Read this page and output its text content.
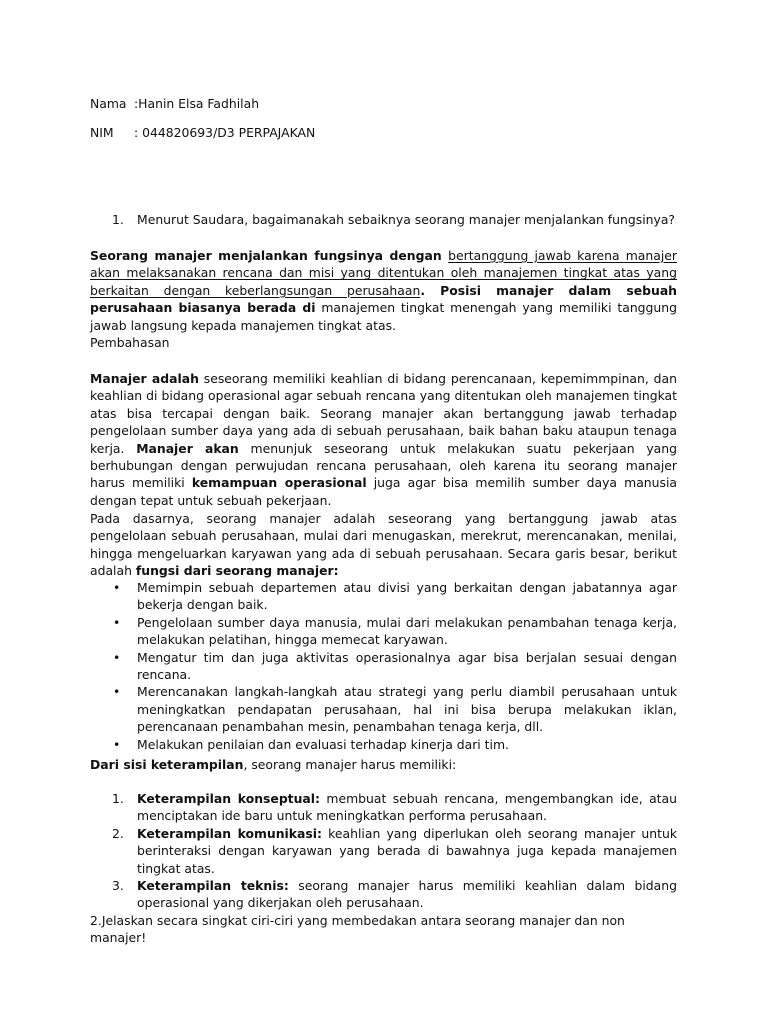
Nama :Hanin Elsa Fadhilah
NIM : 044820693/D3 PERPAJAKAN
1.	Menurut Saudara, bagaimanakah sebaiknya seorang manajer menjalankan fungsinya?

Seorang manajer menjalankan fungsinya dengan bertanggung jawab karena manajer akan melaksanakan rencana dan misi yang ditentukan oleh manajemen tingkat atas yang berkaitan dengan keberlangsungan perusahaan. Posisi manajer dalam sebuah perusahaan biasanya berada di manajemen tingkat menengah yang memiliki tanggung jawab langsung kepada manajemen tingkat atas.

Pembahasan

Manajer adalah seseorang memiliki keahlian di bidang perencanaan, kepemimmpinan, dan keahlian di bidang operasional agar sebuah rencana yang ditentukan oleh manajemen tingkat atas bisa tercapai dengan baik. Seorang manajer akan bertanggung jawab terhadap pengelolaan sumber daya yang ada di sebuah perusahaan, baik bahan baku ataupun tenaga kerja. Manajer akan menunjuk seseorang untuk melakukan suatu pekerjaan yang berhubungan dengan perwujudan rencana perusahaan, oleh karena itu seorang manajer harus memiliki kemampuan operasional juga agar bisa memilih sumber daya manusia dengan tepat untuk sebuah pekerjaan.

Pada dasarnya, seorang manajer adalah seseorang yang bertanggung jawab atas pengelolaan sebuah perusahaan, mulai dari menugaskan, merekrut, merencanakan, menilai, hingga mengeluarkan karyawan yang ada di sebuah perusahaan. Secara garis besar, berikut adalah fungsi dari seorang manajer:

• Memimpin sebuah departemen atau divisi yang berkaitan dengan jabatannya agar bekerja dengan baik.
• Pengelolaan sumber daya manusia, mulai dari melakukan penambahan tenaga kerja, melakukan pelatihan, hingga memecat karyawan.
• Mengatur tim dan juga aktivitas operasionalnya agar bisa berjalan sesuai dengan rencana.
• Merencanakan langkah-langkah atau strategi yang perlu diambil perusahaan untuk meningkatkan pendapatan perusahaan, hal ini bisa berupa melakukan iklan, perencanaan penambahan mesin, penambahan tenaga kerja, dll.
• Melakukan penilaian dan evaluasi terhadap kinerja dari tim.

Dari sisi keterampilan, seorang manajer harus memiliki:

1. Keterampilan konseptual: membuat sebuah rencana, mengembangkan ide, atau menciptakan ide baru untuk meningkatkan performa perusahaan.
2. Keterampilan komunikasi: keahlian yang diperlukan oleh seorang manajer untuk berinteraksi dengan karyawan yang berada di bawahnya juga kepada manajemen tingkat atas.
3. Keterampilan teknis: seorang manajer harus memiliki keahlian dalam bidang operasional yang dikerjakan oleh perusahaan.
2.Jelaskan secara singkat ciri-ciri yang membedakan antara seorang manajer dan non manajer!
